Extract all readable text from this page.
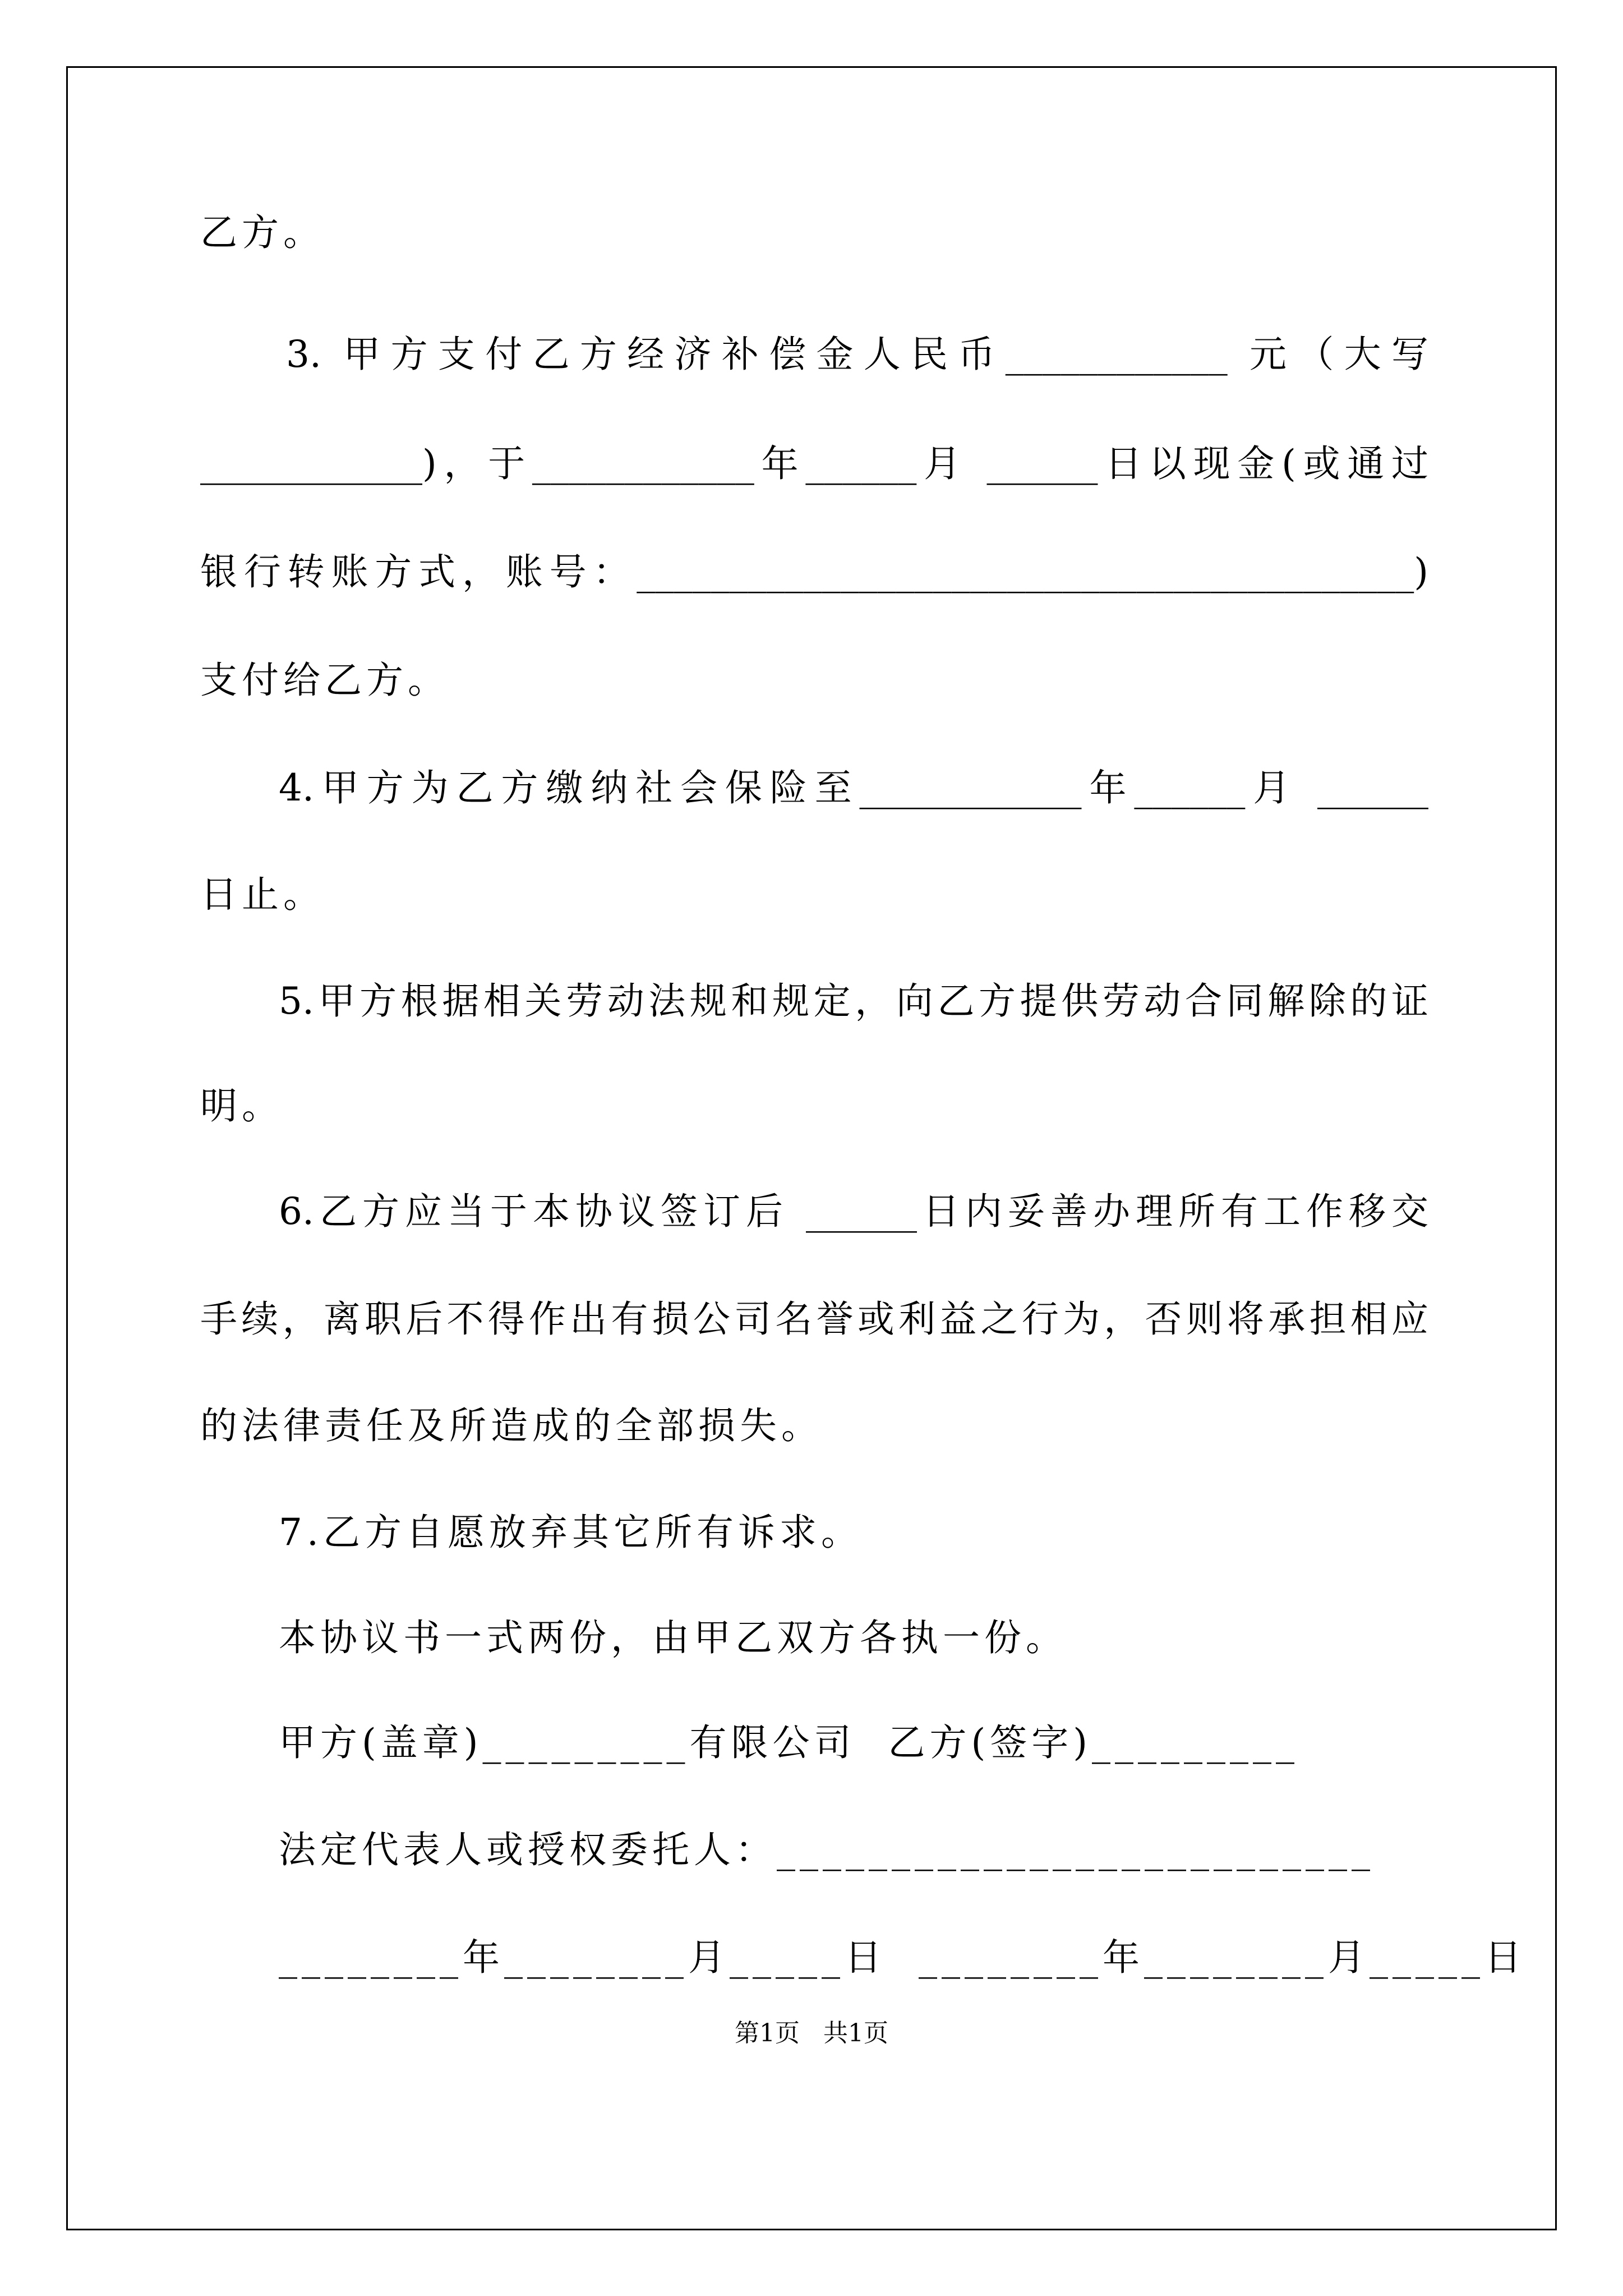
乙方。
3. 甲方支付乙方经济补偿金人民币____________ 元（大写
____________)，于____________年______月 ______日以现金(或通过
银行转账方式，账号：__________________________________________)
支付给乙方。
4.甲方为乙方缴纳社会保险至____________年______月 ______
日止。
5.甲方根据相关劳动法规和规定，向乙方提供劳动合同解除的证
明。
6.乙方应当于本协议签订后 ______日内妥善办理所有工作移交
手续，离职后不得作出有损公司名誉或利益之行为，否则将承担相应
的法律责任及所造成的全部损失。
7.乙方自愿放弃其它所有诉求。
本协议书一式两份，由甲乙双方各执一份。
甲方(盖章)_________有限公司  乙方(签字)_________
法定代表人或授权委托人：__________________________
________年________月_____日  ________年________月_____日
第1页   共1页
